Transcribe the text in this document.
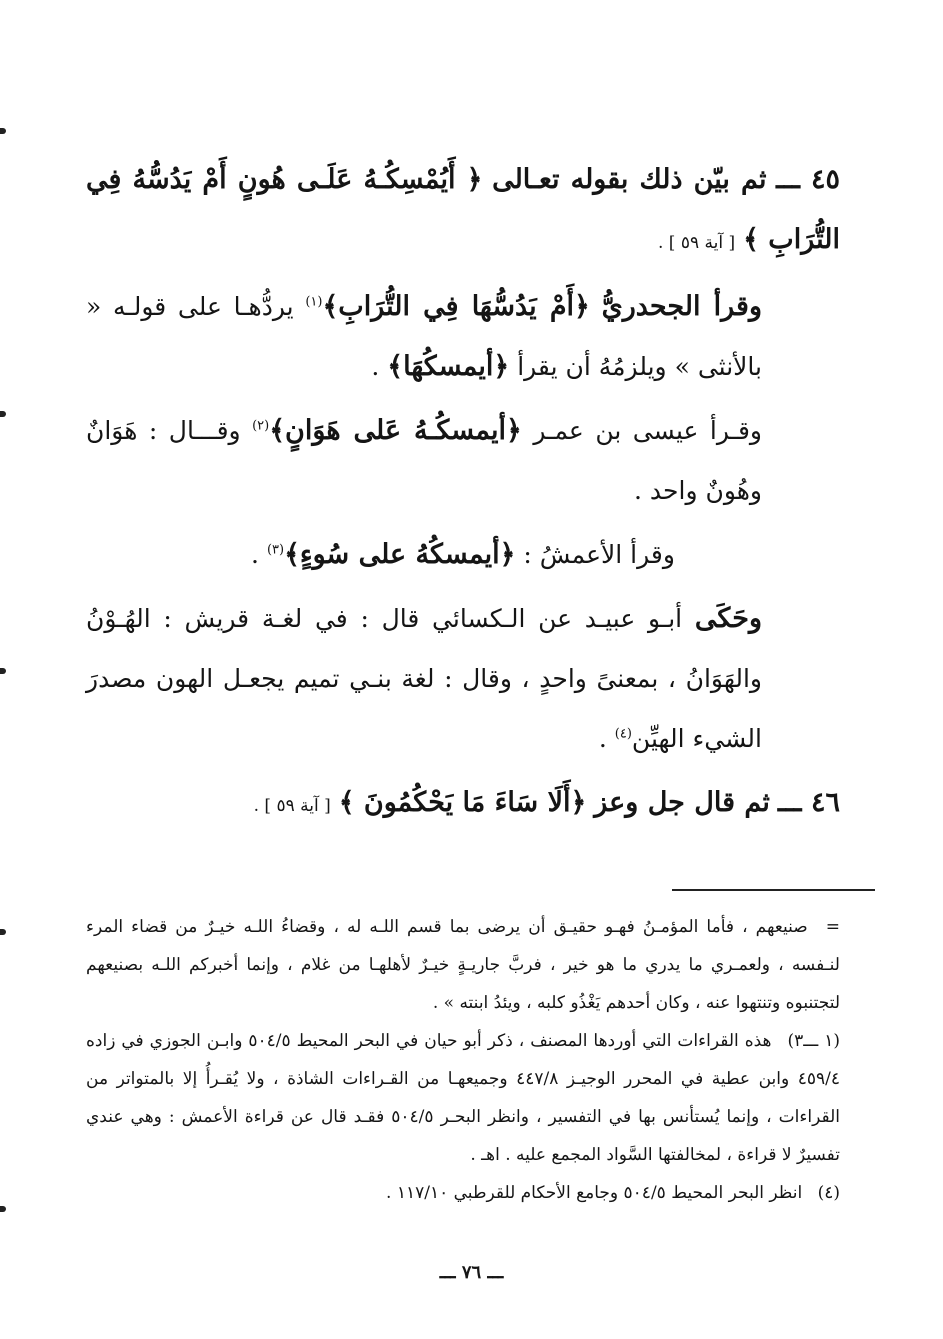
٤٥ ـــ ثم بيّن ذلك بقوله تعـالى ﴿ أَيُمْسِكُـهُ عَلَـى هُونٍ أَمْ يَدُسُّهُ فِي التُّرَابِ ﴾ [ آية ٥٩ ] .

وقرأ الجحدريُّ ﴿أَمْ يَدُسُّهَا فِي التُّرَابِ﴾$^{(١)}$ يردُّهـا على قولـه « بالأنثى » ويلزمُهُ أن يقرأ ﴿أيمسكُهَا﴾ .

وقـرأ عيسى بن عمـر ﴿أيمسكُـهُ عَلى هَوَانٍ﴾$^{(٢)}$ وقـــال : هَوَانٌ وهُونٌ واحد .

وقرأ الأعمشُ : ﴿أيمسكُهُ على سُوءٍ﴾$^{(٣)}$ .

وحَكَى أبـو عبيـد عن الـكسائي قال : في لغـة قريش : الهُـوْنُ والهَوَانُ ، بمعنىً واحدٍ ، وقال : لغة بنـي تميم يجعـل الهون مصدرَ الشيء الهيِّن$^{(٤)}$ .

٤٦ ـــ ثم قال جل وعز ﴿أَلَا سَاءَ مَا يَحْكُمُونَ ﴾ [ آية ٥٩ ] .

= صنيعهم ، فأما المؤمـنُ فهـو حقيـق أن يرضى بما قسم اللـه له ، وقضاءُ اللـه خيـرٌ من قضاء المرء لنـفسه ، ولعمـري ما يدري ما هو خير ، فربَّ جاريـةٍ خيـرٌ لأهلهـا من غلام ، وإنما أخبركم اللـه بصنيعهم لتجتنبوه وتنتهوا عنه ، وكان أحدهم يَغْذُو كلبه ، ويئدُ ابنته » .

(١ ـــ٣) هذه القراءات التي أوردها المصنف ، ذكر أبو حيان في البحر المحيط ٥٠٤/٥ وابـن الجوزي في زاده ٤٥٩/٤ وابن عطية في المحرر الوجيـز ٤٤٧/٨ وجميعهـا من القـراءات الشاذة ، ولا يُقـرأُ إلا بالمتواتر من القراءات ، وإنما يُستأنس بها في التفسير ، وانظر البحـر ٥٠٤/٥ فقـد قال عن قراءة الأعمش : وهي عندي تفسيرٌ لا قراءة ، لمخالفتها السَّواد المجمع عليه . اهـ .

(٤) انظر البحر المحيط ٥٠٤/٥ وجامع الأحكام للقرطبي ١١٧/١٠ .

ـــ ٧٦ ـــ
